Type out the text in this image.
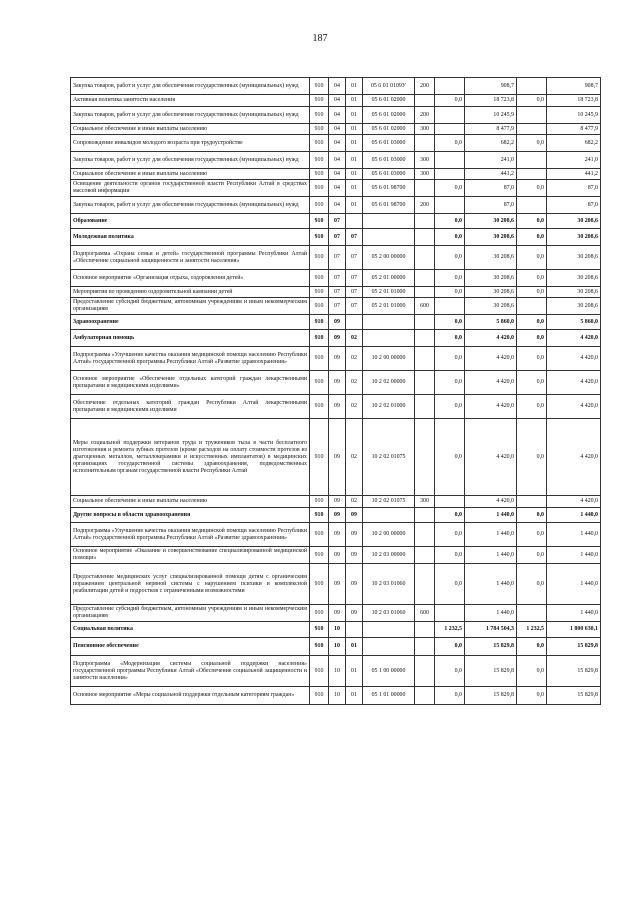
187
Закупка товаров, работ и услуг для обеспечения государственных (муниципальных) нужд	910	04	01	05 6 01 0109У	200		908,7		908,7
Активная политика занятости населения	910	04	01	05 6 01 02000		0,0	18 723,8	0,0	18 723,8
Закупка товаров, работ и услуг для обеспечения государственных (муниципальных) нужд	910	04	01	05 6 01 02000	200		10 245,9		10 245,9
Социальное обеспечение и иные выплаты населению	910	04	01	05 6 01 02000	300		8 477,9		8 477,9
Сопровождение инвалидов молодого возраста при трудоустройстве	910	04	01	05 6 01 03000		0,0	682,2	0,0	682,2
Закупка товаров, работ и услуг для обеспечения государственных (муниципальных) нужд	910	04	01	05 6 01 03000	300		241,0		241,0
Социальное обеспечение и иные выплаты населению	910	04	01	05 6 01 03000	300		441,2		441,2
Освещение деятельности органов государственной власти Республики Алтай в средствах массовой информации	910	04	01	05 6 01 98700		0,0	87,0	0,0	87,0
Закупка товаров, работ и услуг для обеспечения государственных (муниципальных) нужд	910	04	01	05 6 01 98700	200		87,0		87,0
Образование	910	07				0,0	30 208,6	0,0	30 208,6
Молодежная политика	910	07	07			0,0	30 208,6	0,0	30 208,6
Подпрограмма «Охрана семьи и детей» государственной программы Республики Алтай «Обеспечение социальной защищенности и занятости населения»	910	07	07	05 2 00 00000		0,0	30 208,6	0,0	30 208,6
Основное мероприятие «Организация отдыха, оздоровления детей»	910	07	07	05 2 01 00000		0,0	30 208,6	0,0	30 208,6
Мероприятия по проведению оздоровительной кампании детей	910	07	07	05 2 01 01000		0,0	30 208,6	0,0	30 208,6
Предоставление субсидий бюджетным, автономным учреждениям и иным некоммерческим организациям	910	07	07	05 2 01 01000	600		30 208,6		30 208,6
Здравоохранение	910	09				0,0	5 860,0	0,0	5 860,0
Амбулаторная помощь	910	09	02			0,0	4 420,0	0,0	4 420,0
Подпрограмма «Улучшение качества оказания медицинской помощи населению Республики Алтай» государственной программы Республики Алтай «Развитие здравоохранения»	910	09	02	10 2 00 00000		0,0	4 420,0	0,0	4 420,0
Основное мероприятие «Обеспечение отдельных категорий граждан лекарственными препаратами и медицинскими изделиями»	910	09	02	10 2 02 00000		0,0	4 420,0	0,0	4 420,0
Обеспечение отдельных категорий граждан Республики Алтай лекарственными препаратами и медицинскими изделиями	910	09	02	10 2 02 01000		0,0	4 420,0	0,0	4 420,0
Меры социальной поддержки ветеранов труда и тружеников тыла в части бесплатного изготовления и ремонта зубных протезов (кроме расходов на оплату стоимости протезов из драгоценных металлов, металлокерамики и искусственных имплантатов) в медицинских организациях государственной системы здравоохранения, подведомственных исполнительным органам государственной власти Республики Алтай	910	09	02	10 2 02 01075		0,0	4 420,0	0,0	4 420,0
Социальное обеспечение и иные выплаты населению	910	09	02	10 2 02 01075	300		4 420,0		4 420,0
Другие вопросы в области здравоохранения	910	09	09			0,0	1 440,0	0,0	1 440,0
Подпрограмма «Улучшение качества оказания медицинской помощи населению Республики Алтай» государственной программы Республики Алтай «Развитие здравоохранения»	910	09	09	10 2 00 00000		0,0	1 440,0	0,0	1 440,0
Основное мероприятие «Оказание и совершенствование специализированной медицинской помощи»	910	09	09	10 2 03 00000		0,0	1 440,0	0,0	1 440,0
Предоставление медицинских услуг специализированной помощи детям с органическим поражением центральной нервной системы с нарушением психики и комплексной реабилитации детей и подростков с ограниченными возможностями	910	09	09	10 2 03 01060		0,0	1 440,0	0,0	1 440,0
Предоставление субсидий бюджетным, автономным учреждениям и иным некоммерческим организациям	910	09	09	10 2 03 01060	600		1 440,0		1 440,0
Социальная политика	910	10				1 232,5	1 784 504,3	1 232,5	1 800 630,1
Пенсионное обеспечение	910	10	01			0,0	15 829,8	0,0	15 829,8
Подпрограмма «Модернизация системы социальной поддержки населения» государственной программы Республики Алтай «Обеспечение социальной защищенности и занятости населения»	910	10	01	05 1 00 00000		0,0	15 829,8	0,0	15 829,8
Основное мероприятие «Меры социальной поддержки отдельным категориям граждан»	910	10	01	05 1 01 00000		0,0	15 829,8	0,0	15 829,8
